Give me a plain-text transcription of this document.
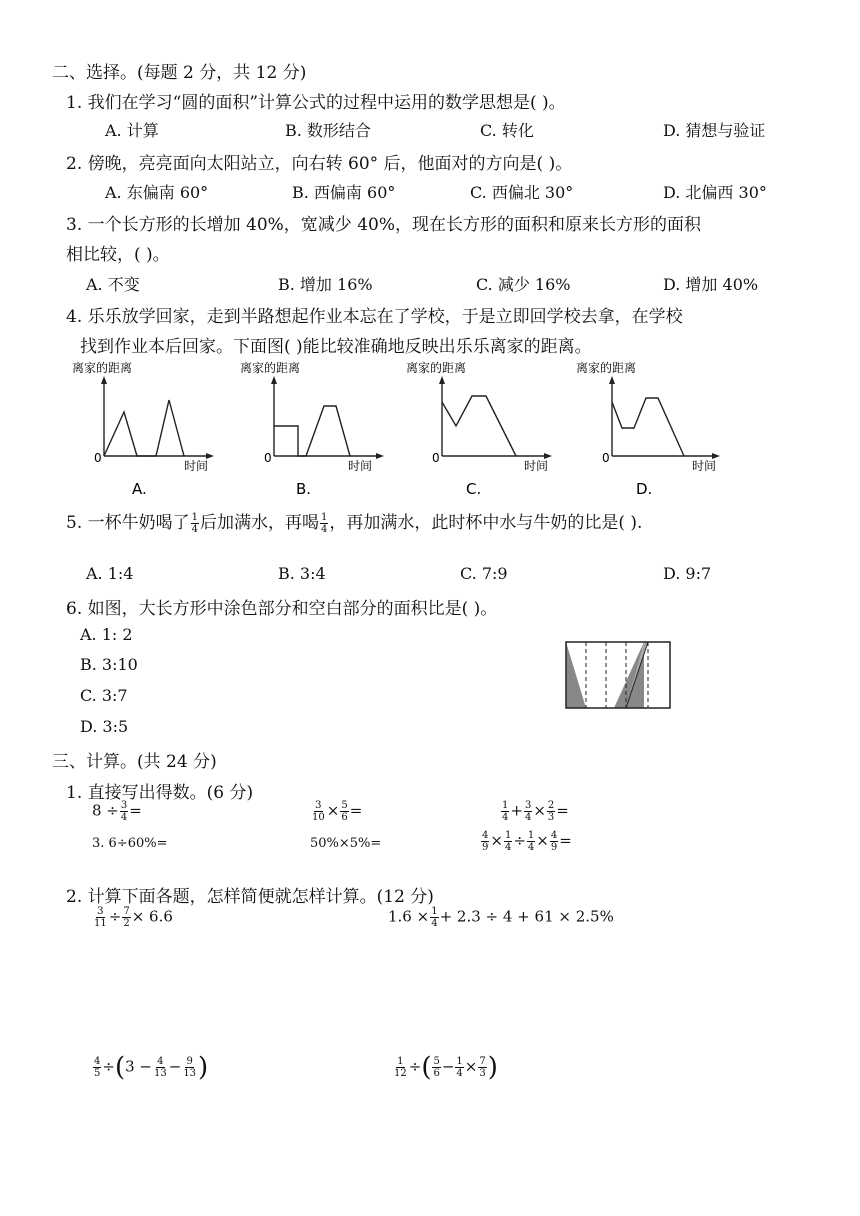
二、选择。(每题 2 分，共 12 分)
1. 我们在学习“圆的面积”计算公式的过程中运用的数学思想是( )。
A. 计算	B. 数形结合	C. 转化	D. 猜想与验证
2. 傍晚，亮亮面向太阳站立，向右转 60° 后，他面对的方向是( )。
A. 东偏南 60°	B. 西偏南 60°	C. 西偏北 30°	D. 北偏西 30°
3. 一个长方形的长增加 40%，宽减少 40%，现在长方形的面积和原来长方形的面积
相比较，( )。
A. 不变	B. 增加 16%	C. 减少 16%	D. 增加 40%
4. 乐乐放学回家，走到半路想起作业本忘在了学校，于是立即回学校去拿，在学校
找到作业本后回家。下面图( )能比较准确地反映出乐乐离家的距离。
离家的距离
0
时间
A.
离家的距离
0
时间
B.
离家的距离
0
时间
C.
离家的距离
0
时间
D.
5. 一杯牛奶喝了 $\frac{1}{4}$ 后加满水，再喝 $\frac{1}{4}$ ，再加满水，此时杯中水与牛奶的比是( ).
A. 1:4	B. 3:4	C. 7:9	D. 9:7
6. 如图，大长方形中涂色部分和空白部分的面积比是( )。
A. 1: 2
B. 3:10
C. 3:7
D. 3:5
三、计算。(共 24 分)
1. 直接写出得数。(6 分)
$8 \div \frac{3}{4}$ =	$\frac{3}{10} \times \frac{5}{6}$ =	$\frac{1}{4} + \frac{3}{4} \times \frac{2}{3}$ =
3. 6÷60%=	50%×5%=	$\frac{4}{9} \times \frac{1}{4} \div \frac{1}{4} \times \frac{4}{9}$ =
2. 计算下面各题，怎样简便就怎样计算。(12 分)
$\frac{3}{11} \div \frac{7}{2} \times 6.6$	$1.6 \times \frac{1}{4} + 2.3 \div 4 + 61 \times 2.5\%$
$\frac{4}{5} \div(3 - \frac{4}{13} - \frac{9}{13}$ )	$\frac{1}{12}$ ÷( $\frac{5}{6} - \frac{1}{4} \times \frac{7}{3}$ )
